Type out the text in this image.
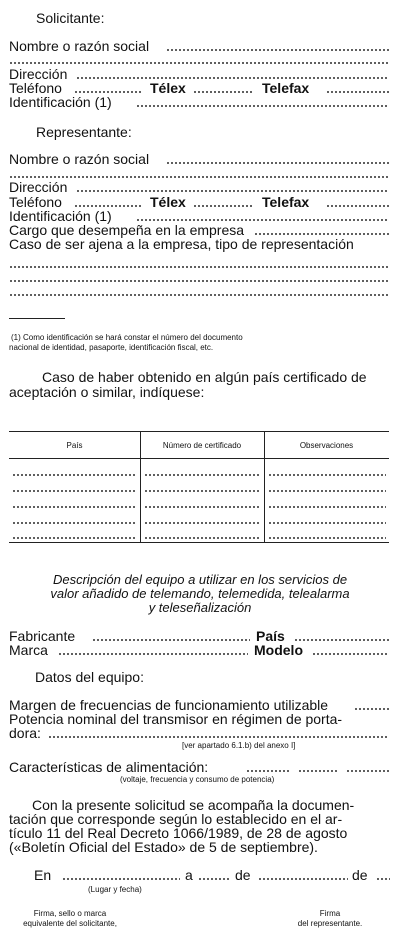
Solicitante:
Nombre o razón social
Dirección
Teléfono	Télex	Telefax
Identificación (1)
Representante:
Nombre o razón social
Dirección
Teléfono	Télex	Telefax
Identificación (1)
Cargo que desempeña en la empresa
Caso de ser ajena a la empresa, tipo de representación
(1) Como identificación se hará constar el número del documento
nacional de identidad, pasaporte, identificación fiscal, etc.
Caso de haber obtenido en algún país certificado de
aceptación o similar, indíquese:
País	Número de certificado	Observaciones
Descripción del equipo a utilizar en los servicios de
valor añadido de telemando, telemedida, telealarma
y teleseñalización
Fabricante	País
Marca	Modelo
Datos del equipo:
Margen de frecuencias de funcionamiento utilizable
Potencia nominal del transmisor en régimen de porta-
dora:
[ver apartado 6.1.b) del anexo I]
Características de alimentación:
(voltaje, frecuencia y consumo de potencia)
Con la presente solicitud se acompaña la documen-
tación que corresponde según lo establecido en el ar-
tículo 11 del Real Decreto 1066/1989, de 28 de agosto
(«Boletín Oficial del Estado» de 5 de septiembre).
En	a	de	de
(Lugar y fecha)
Firma, sello o marca
equivalente del solicitante,
Firma
del representante.
